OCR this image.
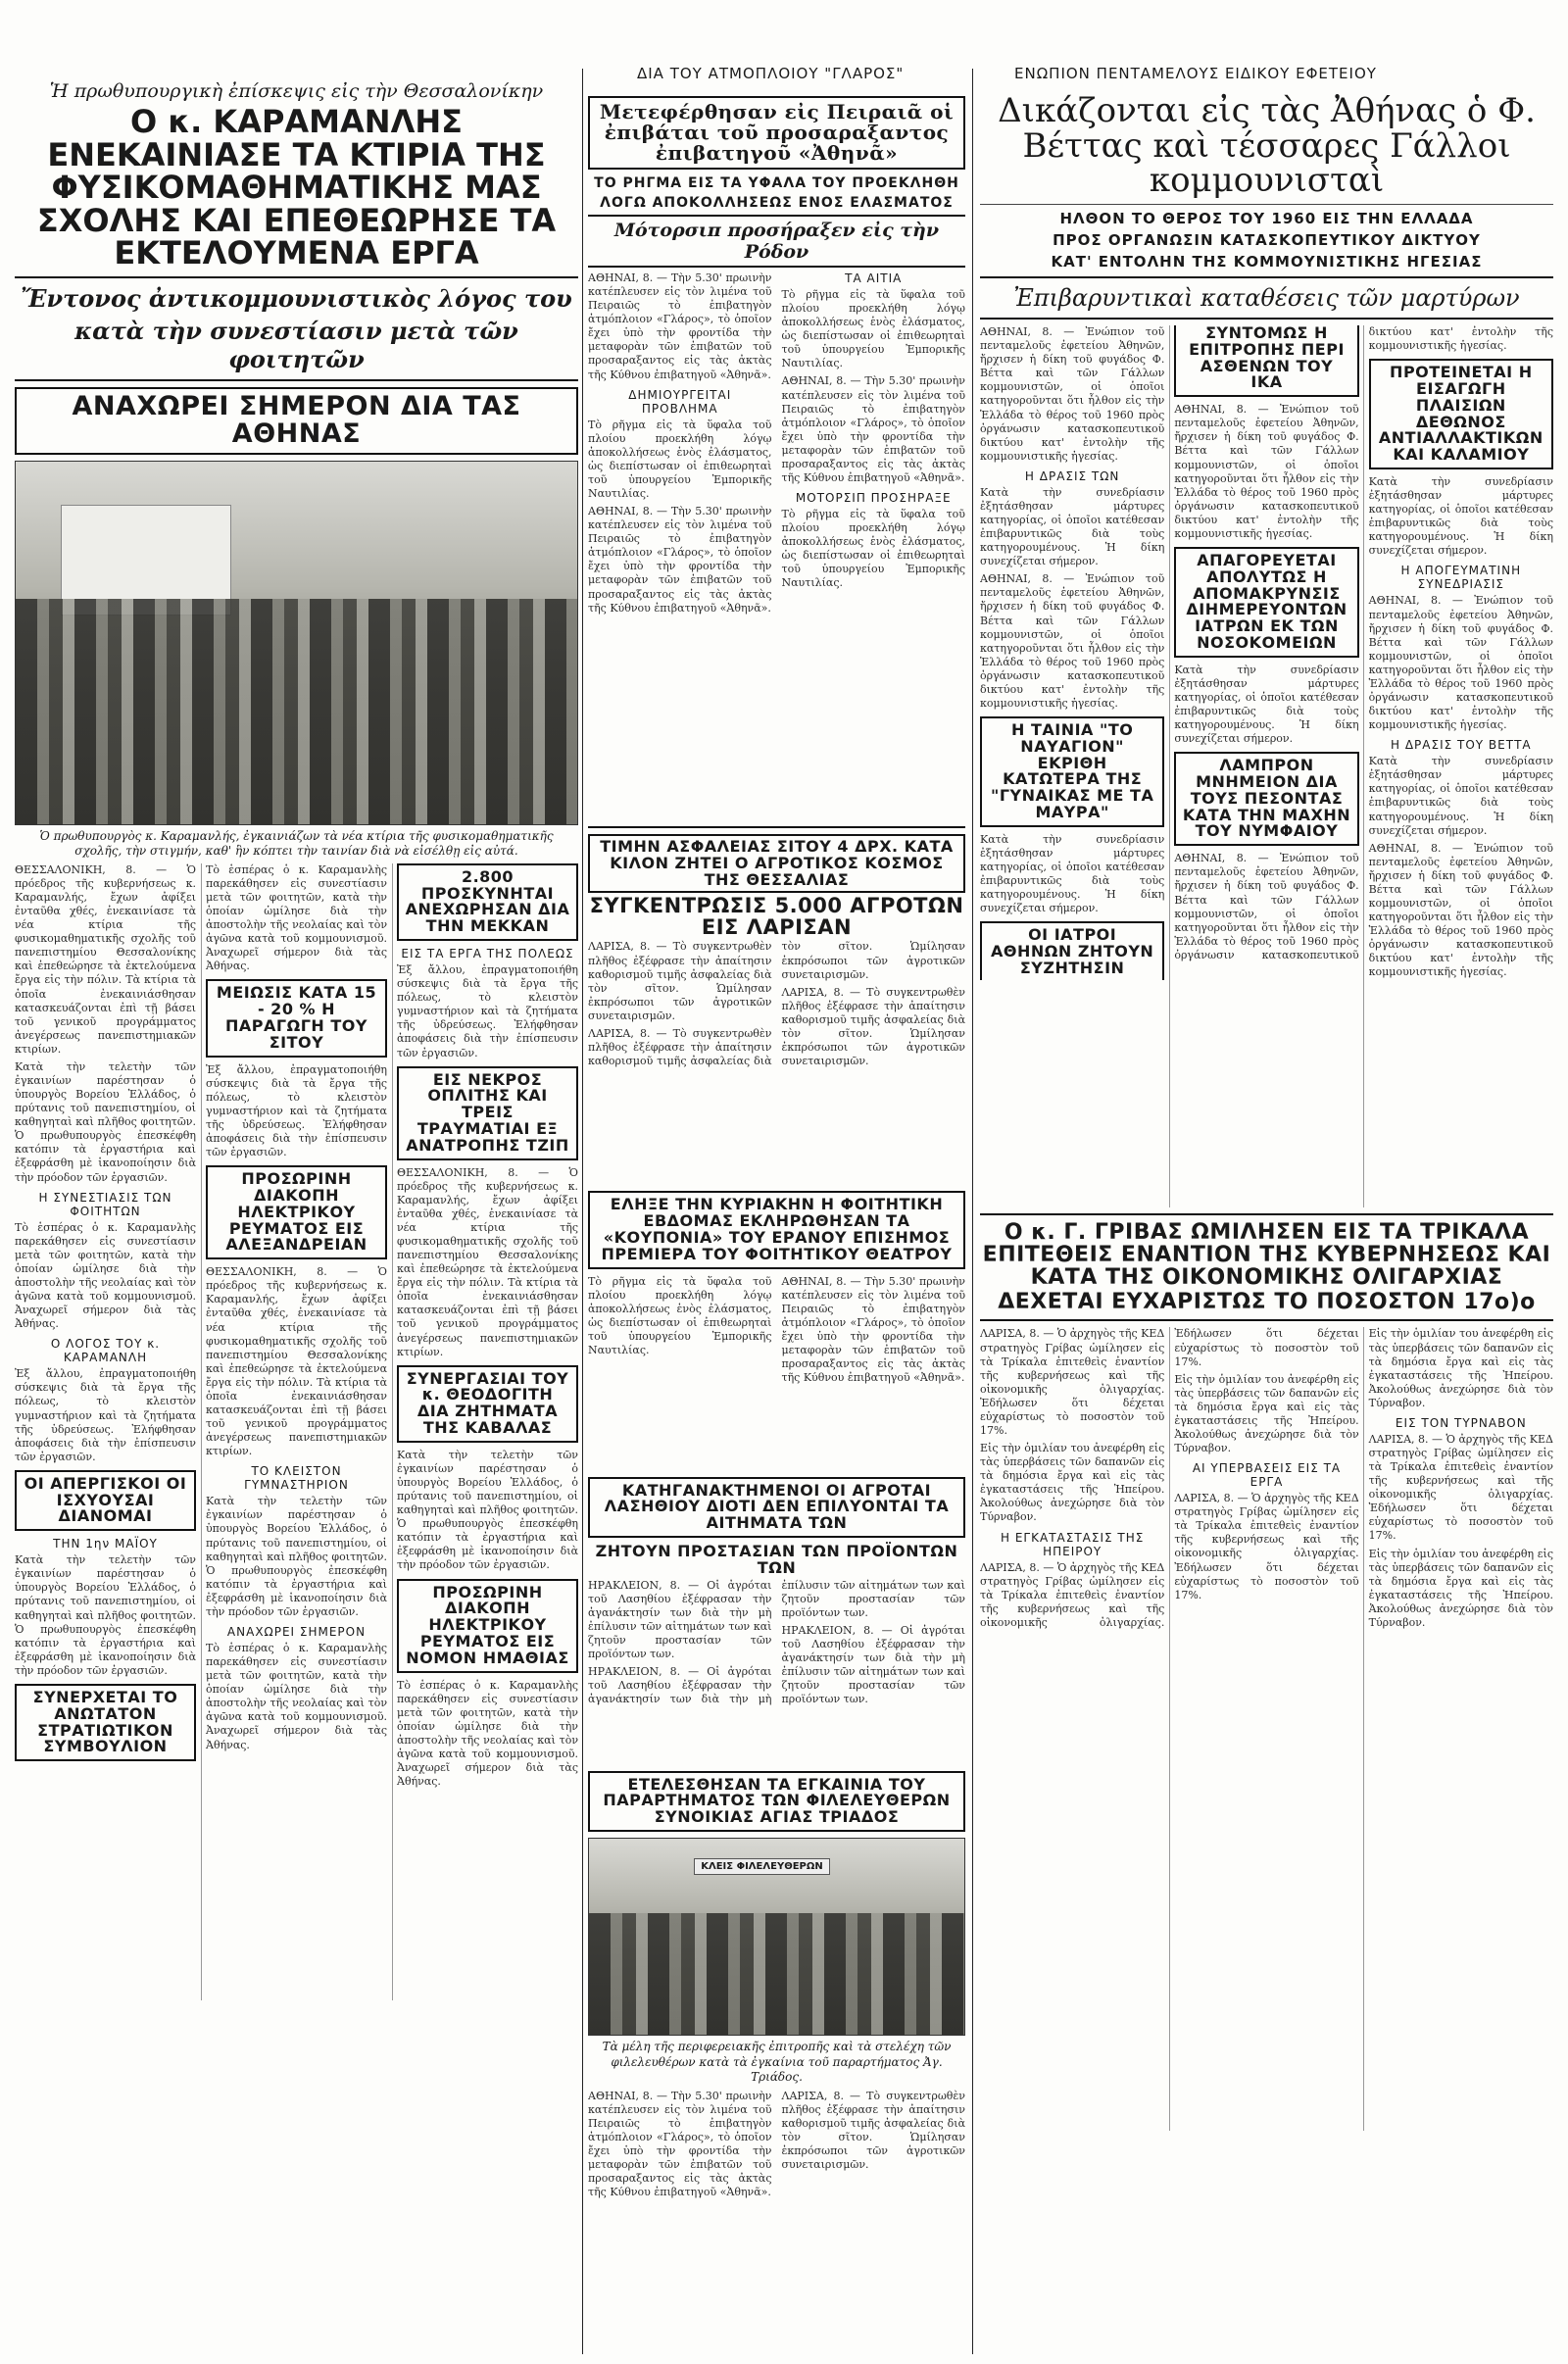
Ἡ πρωθυπουργικὴ ἐπίσκεψις εἰς τὴν Θεσσαλονίκην
Ο κ. ΚΑΡΑΜΑΝΛΗΣ ΕΝΕΚΑΙΝΙΑΣΕ ΤΑ ΚΤΙΡΙΑ ΤΗΣ ΦΥΣΙΚΟΜΑΘΗΜΑΤΙΚΗΣ ΜΑΣ ΣΧΟΛΗΣ ΚΑΙ ΕΠΕΘΕΩΡΗΣΕ ΤΑ ΕΚΤΕΛΟΥΜΕΝΑ ΕΡΓΑ
Ἔντονος ἀντικομμουνιστικὸς λόγος του
κατὰ τὴν συνεστίασιν μετὰ τῶν φοιτητῶν
ΑΝΑΧΩΡΕΙ ΣΗΜΕΡΟΝ ΔΙΑ ΤΑΣ ΑΘΗΝΑΣ
Ὁ πρωθυπουργὸς κ. Καραμανλής, ἐγκαινιάζων τὰ νέα κτίρια τῆς φυσικομαθηματικῆς σχολῆς, τὴν στιγμήν, καθ' ἣν κόπτει τὴν ταινίαν διὰ νὰ εἰσέλθῃ εἰς αὐτά.

ΘΕΣΣΑΛΟΝΙΚΗ, 8. — Ὁ πρόεδρος τῆς κυβερνήσεως κ. Καραμανλής, ἔχων ἀφίξει ἐνταῦθα χθές, ἐνεκαινίασε τὰ νέα κτίρια τῆς φυσικομαθηματικῆς σχολῆς τοῦ πανεπιστημίου Θεσσαλονίκης καὶ ἐπεθεώρησε τὰ ἐκτελούμενα ἔργα εἰς τὴν πόλιν. Τὰ κτίρια τὰ ὁποῖα ἐνεκαινιάσθησαν κατασκευάζονται ἐπὶ τῇ βάσει τοῦ γενικοῦ προγράμματος ἀνεγέρσεως πανεπιστημιακῶν κτιρίων.

Κατὰ τὴν τελετὴν τῶν ἐγκαινίων παρέστησαν ὁ ὑπουργὸς Βορείου Ἑλλάδος, ὁ πρύτανις τοῦ πανεπιστημίου, οἱ καθηγηταὶ καὶ πλῆθος φοιτητῶν. Ὁ πρωθυπουργὸς ἐπεσκέφθη κατόπιν τὰ ἐργαστήρια καὶ ἐξεφράσθη μὲ ἱκανοποίησιν διὰ τὴν πρόοδον τῶν ἐργασιῶν.

Η ΣΥΝΕΣΤΙΑΣΙΣ ΤΩΝ ΦΟΙΤΗΤΩΝ

Τὸ ἑσπέρας ὁ κ. Καραμανλὴς παρεκάθησεν εἰς συνεστίασιν μετὰ τῶν φοιτητῶν, κατὰ τὴν ὁποίαν ὡμίλησε διὰ τὴν ἀποστολὴν τῆς νεολαίας καὶ τὸν ἀγῶνα κατὰ τοῦ κομμουνισμοῦ. Ἀναχωρεῖ σήμερον διὰ τὰς Ἀθήνας.

Ο ΛΟΓΟΣ ΤΟΥ κ. ΚΑΡΑΜΑΝΛΗ

Ἐξ ἄλλου, ἐπραγματοποιήθη σύσκεψις διὰ τὰ ἔργα τῆς πόλεως, τὸ κλειστὸν γυμναστήριον καὶ τὰ ζητήματα τῆς ὑδρεύσεως. Ἐλήφθησαν ἀποφάσεις διὰ τὴν ἐπίσπευσιν τῶν ἐργασιῶν.

ΟΙ ΑΠΕΡΓΙΣΚΟΙ ΟΙ ΙΣΧΥΟΥΣΑΙ ΔΙΑΝΟΜΑΙ
ΤΗΝ 1ην ΜΑΪΟΥ

Κατὰ τὴν τελετὴν τῶν ἐγκαινίων παρέστησαν ὁ ὑπουργὸς Βορείου Ἑλλάδος, ὁ πρύτανις τοῦ πανεπιστημίου, οἱ καθηγηταὶ καὶ πλῆθος φοιτητῶν. Ὁ πρωθυπουργὸς ἐπεσκέφθη κατόπιν τὰ ἐργαστήρια καὶ ἐξεφράσθη μὲ ἱκανοποίησιν διὰ τὴν πρόοδον τῶν ἐργασιῶν.

ΣΥΝΕΡΧΕΤΑΙ ΤΟ ΑΝΩΤΑΤΟΝ ΣΤΡΑΤΙΩΤΙΚΟΝ ΣΥΜΒΟΥΛΙΟΝ

Τὸ ἑσπέρας ὁ κ. Καραμανλὴς παρεκάθησεν εἰς συνεστίασιν μετὰ τῶν φοιτητῶν, κατὰ τὴν ὁποίαν ὡμίλησε διὰ τὴν ἀποστολὴν τῆς νεολαίας καὶ τὸν ἀγῶνα κατὰ τοῦ κομμουνισμοῦ. Ἀναχωρεῖ σήμερον διὰ τὰς Ἀθήνας.

ΜΕΙΩΣΙΣ ΚΑΤΑ 15 - 20 % Η ΠΑΡΑΓΩΓΗ ΤΟΥ ΣΙΤΟΥ

Ἐξ ἄλλου, ἐπραγματοποιήθη σύσκεψις διὰ τὰ ἔργα τῆς πόλεως, τὸ κλειστὸν γυμναστήριον καὶ τὰ ζητήματα τῆς ὑδρεύσεως. Ἐλήφθησαν ἀποφάσεις διὰ τὴν ἐπίσπευσιν τῶν ἐργασιῶν.

ΠΡΟΣΩΡΙΝΗ ΔΙΑΚΟΠΗ ΗΛΕΚΤΡΙΚΟΥ ΡΕΥΜΑΤΟΣ ΕΙΣ ΑΛΕΞΑΝΔΡΕΙΑΝ

ΘΕΣΣΑΛΟΝΙΚΗ, 8. — Ὁ πρόεδρος τῆς κυβερνήσεως κ. Καραμανλής, ἔχων ἀφίξει ἐνταῦθα χθές, ἐνεκαινίασε τὰ νέα κτίρια τῆς φυσικομαθηματικῆς σχολῆς τοῦ πανεπιστημίου Θεσσαλονίκης καὶ ἐπεθεώρησε τὰ ἐκτελούμενα ἔργα εἰς τὴν πόλιν. Τὰ κτίρια τὰ ὁποῖα ἐνεκαινιάσθησαν κατασκευάζονται ἐπὶ τῇ βάσει τοῦ γενικοῦ προγράμματος ἀνεγέρσεως πανεπιστημιακῶν κτιρίων.

ΤΟ ΚΛΕΙΣΤΟΝ ΓΥΜΝΑΣΤΗΡΙΟΝ

Κατὰ τὴν τελετὴν τῶν ἐγκαινίων παρέστησαν ὁ ὑπουργὸς Βορείου Ἑλλάδος, ὁ πρύτανις τοῦ πανεπιστημίου, οἱ καθηγηταὶ καὶ πλῆθος φοιτητῶν. Ὁ πρωθυπουργὸς ἐπεσκέφθη κατόπιν τὰ ἐργαστήρια καὶ ἐξεφράσθη μὲ ἱκανοποίησιν διὰ τὴν πρόοδον τῶν ἐργασιῶν.

ΑΝΑΧΩΡΕΙ ΣΗΜΕΡΟΝ

Τὸ ἑσπέρας ὁ κ. Καραμανλὴς παρεκάθησεν εἰς συνεστίασιν μετὰ τῶν φοιτητῶν, κατὰ τὴν ὁποίαν ὡμίλησε διὰ τὴν ἀποστολὴν τῆς νεολαίας καὶ τὸν ἀγῶνα κατὰ τοῦ κομμουνισμοῦ. Ἀναχωρεῖ σήμερον διὰ τὰς Ἀθήνας.

2.800 ΠΡΟΣΚΥΝΗΤΑΙ ΑΝΕΧΩΡΗΣΑΝ ΔΙΑ ΤΗΝ ΜΕΚΚΑΝ
ΕΙΣ ΤΑ ΕΡΓΑ ΤΗΣ ΠΟΛΕΩΣ

Ἐξ ἄλλου, ἐπραγματοποιήθη σύσκεψις διὰ τὰ ἔργα τῆς πόλεως, τὸ κλειστὸν γυμναστήριον καὶ τὰ ζητήματα τῆς ὑδρεύσεως. Ἐλήφθησαν ἀποφάσεις διὰ τὴν ἐπίσπευσιν τῶν ἐργασιῶν.

ΕΙΣ ΝΕΚΡΟΣ ΟΠΛΙΤΗΣ ΚΑΙ ΤΡΕΙΣ ΤΡΑΥΜΑΤΙΑΙ ΕΞ ΑΝΑΤΡΟΠΗΣ ΤΖΙΠ

ΘΕΣΣΑΛΟΝΙΚΗ, 8. — Ὁ πρόεδρος τῆς κυβερνήσεως κ. Καραμανλής, ἔχων ἀφίξει ἐνταῦθα χθές, ἐνεκαινίασε τὰ νέα κτίρια τῆς φυσικομαθηματικῆς σχολῆς τοῦ πανεπιστημίου Θεσσαλονίκης καὶ ἐπεθεώρησε τὰ ἐκτελούμενα ἔργα εἰς τὴν πόλιν. Τὰ κτίρια τὰ ὁποῖα ἐνεκαινιάσθησαν κατασκευάζονται ἐπὶ τῇ βάσει τοῦ γενικοῦ προγράμματος ἀνεγέρσεως πανεπιστημιακῶν κτιρίων.

ΣΥΝΕΡΓΑΣΙΑΙ ΤΟΥ κ. ΘΕΟΔΟΓΙΤΗ ΔΙΑ ΖΗΤΗΜΑΤΑ ΤΗΣ ΚΑΒΑΛΑΣ

Κατὰ τὴν τελετὴν τῶν ἐγκαινίων παρέστησαν ὁ ὑπουργὸς Βορείου Ἑλλάδος, ὁ πρύτανις τοῦ πανεπιστημίου, οἱ καθηγηταὶ καὶ πλῆθος φοιτητῶν. Ὁ πρωθυπουργὸς ἐπεσκέφθη κατόπιν τὰ ἐργαστήρια καὶ ἐξεφράσθη μὲ ἱκανοποίησιν διὰ τὴν πρόοδον τῶν ἐργασιῶν.

ΠΡΟΣΩΡΙΝΗ ΔΙΑΚΟΠΗ ΗΛΕΚΤΡΙΚΟΥ ΡΕΥΜΑΤΟΣ ΕΙΣ ΝΟΜΟΝ ΗΜΑΘΙΑΣ

Τὸ ἑσπέρας ὁ κ. Καραμανλὴς παρεκάθησεν εἰς συνεστίασιν μετὰ τῶν φοιτητῶν, κατὰ τὴν ὁποίαν ὡμίλησε διὰ τὴν ἀποστολὴν τῆς νεολαίας καὶ τὸν ἀγῶνα κατὰ τοῦ κομμουνισμοῦ. Ἀναχωρεῖ σήμερον διὰ τὰς Ἀθήνας.

ΔΙΑ ΤΟΥ ΑΤΜΟΠΛΟΙΟΥ "ΓΛΑΡΟΣ"
Μετεφέρθησαν εἰς Πειραιᾶ οἱ ἐπιβάται τοῦ προσαραξαντος ἐπιβατηγοῦ «Ἀθηνᾶ»
ΤΟ ΡΗΓΜΑ ΕΙΣ ΤΑ ΥΦΑΛΑ ΤΟΥ ΠΡΟΕΚΛΗΘΗ
ΛΟΓΩ ΑΠΟΚΟΛΛΗΣΕΩΣ ΕΝΟΣ ΕΛΑΣΜΑΤΟΣ
Μότορσιπ προσήραξεν εἰς τὴν Ρόδον

ΑΘΗΝΑΙ, 8. — Τὴν 5.30' πρωινὴν κατέπλευσεν εἰς τὸν λιμένα τοῦ Πειραιῶς τὸ ἐπιβατηγὸν ἀτμόπλοιον «Γλάρος», τὸ ὁποῖον ἔχει ὑπὸ τὴν φροντίδα τὴν μεταφορὰν τῶν ἐπιβατῶν τοῦ προσαραξαντος εἰς τὰς ἀκτὰς τῆς Κύθνου ἐπιβατηγοῦ «Ἀθηνᾶ».

ΔΗΜΙΟΥΡΓΕΙΤΑΙ ΠΡΟΒΛΗΜΑ

Τὸ ρῆγμα εἰς τὰ ὕφαλα τοῦ πλοίου προεκλήθη λόγῳ ἀποκολλήσεως ἑνὸς ἐλάσματος, ὡς διεπίστωσαν οἱ ἐπιθεωρηταὶ τοῦ ὑπουργείου Ἐμπορικῆς Ναυτιλίας.

ΑΘΗΝΑΙ, 8. — Τὴν 5.30' πρωινὴν κατέπλευσεν εἰς τὸν λιμένα τοῦ Πειραιῶς τὸ ἐπιβατηγὸν ἀτμόπλοιον «Γλάρος», τὸ ὁποῖον ἔχει ὑπὸ τὴν φροντίδα τὴν μεταφορὰν τῶν ἐπιβατῶν τοῦ προσαραξαντος εἰς τὰς ἀκτὰς τῆς Κύθνου ἐπιβατηγοῦ «Ἀθηνᾶ».

ΤΑ ΑΙΤΙΑ

Τὸ ρῆγμα εἰς τὰ ὕφαλα τοῦ πλοίου προεκλήθη λόγῳ ἀποκολλήσεως ἑνὸς ἐλάσματος, ὡς διεπίστωσαν οἱ ἐπιθεωρηταὶ τοῦ ὑπουργείου Ἐμπορικῆς Ναυτιλίας.

ΑΘΗΝΑΙ, 8. — Τὴν 5.30' πρωινὴν κατέπλευσεν εἰς τὸν λιμένα τοῦ Πειραιῶς τὸ ἐπιβατηγὸν ἀτμόπλοιον «Γλάρος», τὸ ὁποῖον ἔχει ὑπὸ τὴν φροντίδα τὴν μεταφορὰν τῶν ἐπιβατῶν τοῦ προσαραξαντος εἰς τὰς ἀκτὰς τῆς Κύθνου ἐπιβατηγοῦ «Ἀθηνᾶ».

ΜΟΤΟΡΣΙΠ ΠΡΟΣΗΡΑΞΕ

Τὸ ρῆγμα εἰς τὰ ὕφαλα τοῦ πλοίου προεκλήθη λόγῳ ἀποκολλήσεως ἑνὸς ἐλάσματος, ὡς διεπίστωσαν οἱ ἐπιθεωρηταὶ τοῦ ὑπουργείου Ἐμπορικῆς Ναυτιλίας.

ΤΙΜΗΝ ΑΣΦΑΛΕΙΑΣ ΣΙΤΟΥ 4 ΔΡΧ. ΚΑΤΑ ΚΙΛΟΝ ΖΗΤΕΙ Ο ΑΓΡΟΤΙΚΟΣ ΚΟΣΜΟΣ ΤΗΣ ΘΕΣΣΑΛΙΑΣ
ΣΥΓΚΕΝΤΡΩΣΙΣ 5.000 ΑΓΡΟΤΩΝ ΕΙΣ ΛΑΡΙΣΑΝ

ΛΑΡΙΣΑ, 8. — Τὸ συγκεντρωθὲν πλῆθος ἐξέφρασε τὴν ἀπαίτησιν καθορισμοῦ τιμῆς ἀσφαλείας διὰ τὸν σῖτον. Ὡμίλησαν ἐκπρόσωποι τῶν ἀγροτικῶν συνεταιρισμῶν.

ΛΑΡΙΣΑ, 8. — Τὸ συγκεντρωθὲν πλῆθος ἐξέφρασε τὴν ἀπαίτησιν καθορισμοῦ τιμῆς ἀσφαλείας διὰ τὸν σῖτον. Ὡμίλησαν ἐκπρόσωποι τῶν ἀγροτικῶν συνεταιρισμῶν.

ΛΑΡΙΣΑ, 8. — Τὸ συγκεντρωθὲν πλῆθος ἐξέφρασε τὴν ἀπαίτησιν καθορισμοῦ τιμῆς ἀσφαλείας διὰ τὸν σῖτον. Ὡμίλησαν ἐκπρόσωποι τῶν ἀγροτικῶν συνεταιρισμῶν.

ΕΛΗΞΕ ΤΗΝ ΚΥΡΙΑΚΗΝ Η ΦΟΙΤΗΤΙΚΗ ΕΒΔΟΜΑΣ ΕΚΛΗΡΩΘΗΣΑΝ ΤΑ «ΚΟΥΠΟΝΙΑ» ΤΟΥ ΕΡΑΝΟΥ ΕΠΙΣΗΜΟΣ ΠΡΕΜΙΕΡΑ ΤΟΥ ΦΟΙΤΗΤΙΚΟΥ ΘΕΑΤΡΟΥ

Τὸ ρῆγμα εἰς τὰ ὕφαλα τοῦ πλοίου προεκλήθη λόγῳ ἀποκολλήσεως ἑνὸς ἐλάσματος, ὡς διεπίστωσαν οἱ ἐπιθεωρηταὶ τοῦ ὑπουργείου Ἐμπορικῆς Ναυτιλίας.

ΑΘΗΝΑΙ, 8. — Τὴν 5.30' πρωινὴν κατέπλευσεν εἰς τὸν λιμένα τοῦ Πειραιῶς τὸ ἐπιβατηγὸν ἀτμόπλοιον «Γλάρος», τὸ ὁποῖον ἔχει ὑπὸ τὴν φροντίδα τὴν μεταφορὰν τῶν ἐπιβατῶν τοῦ προσαραξαντος εἰς τὰς ἀκτὰς τῆς Κύθνου ἐπιβατηγοῦ «Ἀθηνᾶ».

ΚΑΤΗΓΑΝΑΚΤΗΜΕΝΟΙ ΟΙ ΑΓΡΟΤΑΙ ΛΑΣΗΘΙΟΥ ΔΙΟΤΙ ΔΕΝ ΕΠΙΛΥΟΝΤΑΙ ΤΑ ΑΙΤΗΜΑΤΑ ΤΩΝ
ΖΗΤΟΥΝ ΠΡΟΣΤΑΣΙΑΝ ΤΩΝ ΠΡΟΪΟΝΤΩΝ ΤΩΝ

ΗΡΑΚΛΕΙΟΝ, 8. — Οἱ ἀγρόται τοῦ Λασηθίου ἐξέφρασαν τὴν ἀγανάκτησίν των διὰ τὴν μὴ ἐπίλυσιν τῶν αἰτημάτων των καὶ ζητοῦν προστασίαν τῶν προϊόντων των.

ΗΡΑΚΛΕΙΟΝ, 8. — Οἱ ἀγρόται τοῦ Λασηθίου ἐξέφρασαν τὴν ἀγανάκτησίν των διὰ τὴν μὴ ἐπίλυσιν τῶν αἰτημάτων των καὶ ζητοῦν προστασίαν τῶν προϊόντων των.

ΗΡΑΚΛΕΙΟΝ, 8. — Οἱ ἀγρόται τοῦ Λασηθίου ἐξέφρασαν τὴν ἀγανάκτησίν των διὰ τὴν μὴ ἐπίλυσιν τῶν αἰτημάτων των καὶ ζητοῦν προστασίαν τῶν προϊόντων των.

ΕΤΕΛΕΣΘΗΣΑΝ ΤΑ ΕΓΚΑΙΝΙΑ ΤΟΥ ΠΑΡΑΡΤΗΜΑΤΟΣ ΤΩΝ ΦΙΛΕΛΕΥΘΕΡΩΝ ΣΥΝΟΙΚΙΑΣ ΑΓΙΑΣ ΤΡΙΑΔΟΣ
ΚΛΕΙΣ ΦΙΛΕΛΕΥΘΕΡΩΝ
Τὰ μέλη τῆς περιφερειακῆς ἐπιτροπῆς καὶ τὰ στελέχη τῶν φιλελευθέρων κατὰ τὰ ἐγκαίνια τοῦ παραρτήματος Ἀγ. Τριάδος.

ΑΘΗΝΑΙ, 8. — Τὴν 5.30' πρωινὴν κατέπλευσεν εἰς τὸν λιμένα τοῦ Πειραιῶς τὸ ἐπιβατηγὸν ἀτμόπλοιον «Γλάρος», τὸ ὁποῖον ἔχει ὑπὸ τὴν φροντίδα τὴν μεταφορὰν τῶν ἐπιβατῶν τοῦ προσαραξαντος εἰς τὰς ἀκτὰς τῆς Κύθνου ἐπιβατηγοῦ «Ἀθηνᾶ».

ΛΑΡΙΣΑ, 8. — Τὸ συγκεντρωθὲν πλῆθος ἐξέφρασε τὴν ἀπαίτησιν καθορισμοῦ τιμῆς ἀσφαλείας διὰ τὸν σῖτον. Ὡμίλησαν ἐκπρόσωποι τῶν ἀγροτικῶν συνεταιρισμῶν.

ΕΝΩΠΙΟΝ ΠΕΝΤΑΜΕΛΟΥΣ ΕΙΔΙΚΟΥ ΕΦΕΤΕΙΟΥ
Δικάζονται εἰς τὰς Ἀθήνας ὁ Φ. Βέττας καὶ τέσσαρες Γάλλοι κομμουνισταὶ
ΗΛΘΟΝ ΤΟ ΘΕΡΟΣ ΤΟΥ 1960 ΕΙΣ ΤΗΝ ΕΛΛΑΔΑ
ΠΡΟΣ ΟΡΓΑΝΩΣΙΝ ΚΑΤΑΣΚΟΠΕΥΤΙΚΟΥ ΔΙΚΤΥΟΥ
ΚΑΤ' ΕΝΤΟΛΗΝ ΤΗΣ ΚΟΜΜΟΥΝΙΣΤΙΚΗΣ ΗΓΕΣΙΑΣ
Ἐπιβαρυντικαὶ καταθέσεις τῶν μαρτύρων

ΑΘΗΝΑΙ, 8. — Ἐνώπιον τοῦ πενταμελοῦς ἐφετείου Ἀθηνῶν, ἤρχισεν ἡ δίκη τοῦ φυγάδος Φ. Βέττα καὶ τῶν Γάλλων κομμουνιστῶν, οἱ ὁποῖοι κατηγοροῦνται ὅτι ἦλθον εἰς τὴν Ἑλλάδα τὸ θέρος τοῦ 1960 πρὸς ὀργάνωσιν κατασκοπευτικοῦ δικτύου κατ' ἐντολὴν τῆς κομμουνιστικῆς ἡγεσίας.

Η ΔΡΑΣΙΣ ΤΩΝ

Κατὰ τὴν συνεδρίασιν ἐξητάσθησαν μάρτυρες κατηγορίας, οἱ ὁποῖοι κατέθεσαν ἐπιβαρυντικῶς διὰ τοὺς κατηγορουμένους. Ἡ δίκη συνεχίζεται σήμερον.

ΑΘΗΝΑΙ, 8. — Ἐνώπιον τοῦ πενταμελοῦς ἐφετείου Ἀθηνῶν, ἤρχισεν ἡ δίκη τοῦ φυγάδος Φ. Βέττα καὶ τῶν Γάλλων κομμουνιστῶν, οἱ ὁποῖοι κατηγοροῦνται ὅτι ἦλθον εἰς τὴν Ἑλλάδα τὸ θέρος τοῦ 1960 πρὸς ὀργάνωσιν κατασκοπευτικοῦ δικτύου κατ' ἐντολὴν τῆς κομμουνιστικῆς ἡγεσίας.

Η ΤΑΙΝΙΑ "ΤΟ ΝΑΥΑΓΙΟΝ" ΕΚΡΙΘΗ ΚΑΤΩΤΕΡΑ ΤΗΣ "ΓΥΝΑΙΚΑΣ ΜΕ ΤΑ ΜΑΥΡΑ"

Κατὰ τὴν συνεδρίασιν ἐξητάσθησαν μάρτυρες κατηγορίας, οἱ ὁποῖοι κατέθεσαν ἐπιβαρυντικῶς διὰ τοὺς κατηγορουμένους. Ἡ δίκη συνεχίζεται σήμερον.

ΟΙ ΙΑΤΡΟΙ ΑΘΗΝΩΝ ΖΗΤΟΥΝ ΣΥΖΗΤΗΣΙΝ ΣΥΝΤΟΜΩΣ Η ΕΠΙΤΡΟΠΗΣ ΠΕΡΙ ΑΣΘΕΝΩΝ ΤΟΥ ΙΚΑ

ΑΘΗΝΑΙ, 8. — Ἐνώπιον τοῦ πενταμελοῦς ἐφετείου Ἀθηνῶν, ἤρχισεν ἡ δίκη τοῦ φυγάδος Φ. Βέττα καὶ τῶν Γάλλων κομμουνιστῶν, οἱ ὁποῖοι κατηγοροῦνται ὅτι ἦλθον εἰς τὴν Ἑλλάδα τὸ θέρος τοῦ 1960 πρὸς ὀργάνωσιν κατασκοπευτικοῦ δικτύου κατ' ἐντολὴν τῆς κομμουνιστικῆς ἡγεσίας.

ΑΠΑΓΟΡΕΥΕΤΑΙ ΑΠΟΛΥΤΩΣ Η ΑΠΟΜΑΚΡΥΝΣΙΣ ΔΙΗΜΕΡΕΥΟΝΤΩΝ ΙΑΤΡΩΝ ΕΚ ΤΩΝ ΝΟΣΟΚΟΜΕΙΩΝ

Κατὰ τὴν συνεδρίασιν ἐξητάσθησαν μάρτυρες κατηγορίας, οἱ ὁποῖοι κατέθεσαν ἐπιβαρυντικῶς διὰ τοὺς κατηγορουμένους. Ἡ δίκη συνεχίζεται σήμερον.

ΛΑΜΠΡΟΝ ΜΝΗΜΕΙΟΝ ΔΙΑ ΤΟΥΣ ΠΕΣΟΝΤΑΣ ΚΑΤΑ ΤΗΝ ΜΑΧΗΝ ΤΟΥ ΝΥΜΦΑΙΟΥ

ΑΘΗΝΑΙ, 8. — Ἐνώπιον τοῦ πενταμελοῦς ἐφετείου Ἀθηνῶν, ἤρχισεν ἡ δίκη τοῦ φυγάδος Φ. Βέττα καὶ τῶν Γάλλων κομμουνιστῶν, οἱ ὁποῖοι κατηγοροῦνται ὅτι ἦλθον εἰς τὴν Ἑλλάδα τὸ θέρος τοῦ 1960 πρὸς ὀργάνωσιν κατασκοπευτικοῦ δικτύου κατ' ἐντολὴν τῆς κομμουνιστικῆς ἡγεσίας.

ΠΡΟΤΕΙΝΕΤΑΙ Η ΕΙΣΑΓΩΓΗ ΠΛΑΙΣΙΩΝ ΔΕΘΩΝΟΣ ΑΝΤΙΑΛΛΑΚΤΙΚΩΝ ΚΑΙ ΚΑΛΑΜΙΟΥ

Κατὰ τὴν συνεδρίασιν ἐξητάσθησαν μάρτυρες κατηγορίας, οἱ ὁποῖοι κατέθεσαν ἐπιβαρυντικῶς διὰ τοὺς κατηγορουμένους. Ἡ δίκη συνεχίζεται σήμερον.

Η ΑΠΟΓΕΥΜΑΤΙΝΗ ΣΥΝΕΔΡΙΑΣΙΣ

ΑΘΗΝΑΙ, 8. — Ἐνώπιον τοῦ πενταμελοῦς ἐφετείου Ἀθηνῶν, ἤρχισεν ἡ δίκη τοῦ φυγάδος Φ. Βέττα καὶ τῶν Γάλλων κομμουνιστῶν, οἱ ὁποῖοι κατηγοροῦνται ὅτι ἦλθον εἰς τὴν Ἑλλάδα τὸ θέρος τοῦ 1960 πρὸς ὀργάνωσιν κατασκοπευτικοῦ δικτύου κατ' ἐντολὴν τῆς κομμουνιστικῆς ἡγεσίας.

Η ΔΡΑΣΙΣ ΤΟΥ ΒΕΤΤΑ

Κατὰ τὴν συνεδρίασιν ἐξητάσθησαν μάρτυρες κατηγορίας, οἱ ὁποῖοι κατέθεσαν ἐπιβαρυντικῶς διὰ τοὺς κατηγορουμένους. Ἡ δίκη συνεχίζεται σήμερον.

ΑΘΗΝΑΙ, 8. — Ἐνώπιον τοῦ πενταμελοῦς ἐφετείου Ἀθηνῶν, ἤρχισεν ἡ δίκη τοῦ φυγάδος Φ. Βέττα καὶ τῶν Γάλλων κομμουνιστῶν, οἱ ὁποῖοι κατηγοροῦνται ὅτι ἦλθον εἰς τὴν Ἑλλάδα τὸ θέρος τοῦ 1960 πρὸς ὀργάνωσιν κατασκοπευτικοῦ δικτύου κατ' ἐντολὴν τῆς κομμουνιστικῆς ἡγεσίας.

Ο κ. Γ. ΓΡΙΒΑΣ ΩΜΙΛΗΣΕΝ ΕΙΣ ΤΑ ΤΡΙΚΑΛΑ ΕΠΙΤΕΘΕΙΣ ΕΝΑΝΤΙΟΝ ΤΗΣ ΚΥΒΕΡΝΗΣΕΩΣ ΚΑΙ ΚΑΤΑ ΤΗΣ ΟΙΚΟΝΟΜΙΚΗΣ ΟΛΙΓΑΡΧΙΑΣ
ΔΕΧΕΤΑΙ ΕΥΧΑΡΙΣΤΩΣ ΤΟ ΠΟΣΟΣΤΟΝ 17ο)ο

ΛΑΡΙΣΑ, 8. — Ὁ ἀρχηγὸς τῆς ΚΕΔ στρατηγὸς Γρίβας ὡμίλησεν εἰς τὰ Τρίκαλα ἐπιτεθεὶς ἐναντίον τῆς κυβερνήσεως καὶ τῆς οἰκονομικῆς ὀλιγαρχίας. Ἐδήλωσεν ὅτι δέχεται εὐχαρίστως τὸ ποσοστὸν τοῦ 17%.

Εἰς τὴν ὁμιλίαν του ἀνεφέρθη εἰς τὰς ὑπερβάσεις τῶν δαπανῶν εἰς τὰ δημόσια ἔργα καὶ εἰς τὰς ἐγκαταστάσεις τῆς Ἠπείρου. Ἀκολούθως ἀνεχώρησε διὰ τὸν Τύρναβον.

Η ΕΓΚΑΤΑΣΤΑΣΙΣ ΤΗΣ ΗΠΕΙΡΟΥ

ΛΑΡΙΣΑ, 8. — Ὁ ἀρχηγὸς τῆς ΚΕΔ στρατηγὸς Γρίβας ὡμίλησεν εἰς τὰ Τρίκαλα ἐπιτεθεὶς ἐναντίον τῆς κυβερνήσεως καὶ τῆς οἰκονομικῆς ὀλιγαρχίας. Ἐδήλωσεν ὅτι δέχεται εὐχαρίστως τὸ ποσοστὸν τοῦ 17%.

Εἰς τὴν ὁμιλίαν του ἀνεφέρθη εἰς τὰς ὑπερβάσεις τῶν δαπανῶν εἰς τὰ δημόσια ἔργα καὶ εἰς τὰς ἐγκαταστάσεις τῆς Ἠπείρου. Ἀκολούθως ἀνεχώρησε διὰ τὸν Τύρναβον.

ΑΙ ΥΠΕΡΒΑΣΕΙΣ ΕΙΣ ΤΑ ΕΡΓΑ

ΛΑΡΙΣΑ, 8. — Ὁ ἀρχηγὸς τῆς ΚΕΔ στρατηγὸς Γρίβας ὡμίλησεν εἰς τὰ Τρίκαλα ἐπιτεθεὶς ἐναντίον τῆς κυβερνήσεως καὶ τῆς οἰκονομικῆς ὀλιγαρχίας. Ἐδήλωσεν ὅτι δέχεται εὐχαρίστως τὸ ποσοστὸν τοῦ 17%.

Εἰς τὴν ὁμιλίαν του ἀνεφέρθη εἰς τὰς ὑπερβάσεις τῶν δαπανῶν εἰς τὰ δημόσια ἔργα καὶ εἰς τὰς ἐγκαταστάσεις τῆς Ἠπείρου. Ἀκολούθως ἀνεχώρησε διὰ τὸν Τύρναβον.

ΕΙΣ ΤΟΝ ΤΥΡΝΑΒΟΝ

ΛΑΡΙΣΑ, 8. — Ὁ ἀρχηγὸς τῆς ΚΕΔ στρατηγὸς Γρίβας ὡμίλησεν εἰς τὰ Τρίκαλα ἐπιτεθεὶς ἐναντίον τῆς κυβερνήσεως καὶ τῆς οἰκονομικῆς ὀλιγαρχίας. Ἐδήλωσεν ὅτι δέχεται εὐχαρίστως τὸ ποσοστὸν τοῦ 17%.

Εἰς τὴν ὁμιλίαν του ἀνεφέρθη εἰς τὰς ὑπερβάσεις τῶν δαπανῶν εἰς τὰ δημόσια ἔργα καὶ εἰς τὰς ἐγκαταστάσεις τῆς Ἠπείρου. Ἀκολούθως ἀνεχώρησε διὰ τὸν Τύρναβον.
